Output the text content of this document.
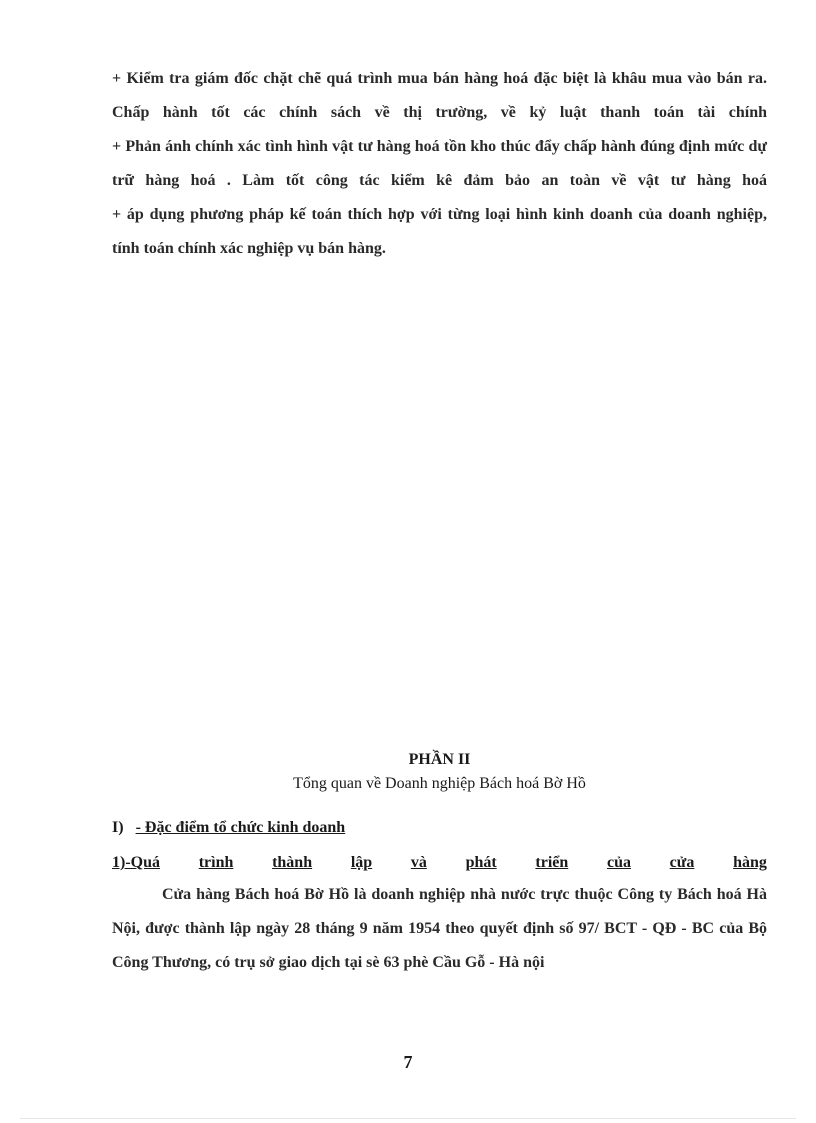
+ Kiểm tra giám đốc chặt chẽ quá trình mua bán hàng hoá đặc biệt là khâu mua vào bán ra. Chấp hành tốt các chính sách về thị trường, về kỷ luật thanh toán tài chính

+ Phản ánh chính xác tình hình vật tư hàng hoá tồn kho thúc đẩy chấp hành đúng định mức dự trữ hàng hoá . Làm tốt công tác kiểm kê đảm bảo an toàn về vật tư hàng hoá

+ áp dụng phương pháp kế toán thích hợp với từng loại hình kinh doanh của doanh nghiệp, tính toán chính xác nghiệp vụ bán hàng.

PHẦN II
Tổng quan về Doanh nghiệp Bách hoá Bờ Hồ
I) - Đặc điểm tổ chức kinh doanh
1)-Quá trình thành lập và phát triển của cửa hàng

Cửa hàng Bách hoá Bờ Hồ là doanh nghiệp nhà nước trực thuộc Công ty Bách hoá Hà Nội, được thành lập ngày 28 tháng 9 năm 1954 theo quyết định số 97/ BCT - QĐ - BC của Bộ Công Thương, có trụ sở giao dịch tại sè 63 phè Cầu Gỗ - Hà nội

7
